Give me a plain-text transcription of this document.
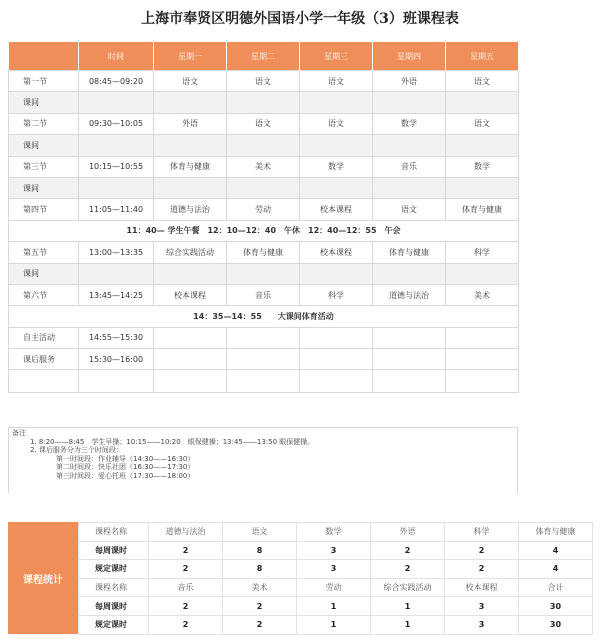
上海市奉贤区明德外国语小学一年级（3）班课程表
	时间	星期一	星期二	星期三	星期四	星期五
第一节	08:45—09:20	语文	语文	语文	外语	语文
课间						
第二节	09:30—10:05	外语	语文	语文	数学	语文
课间						
第三节	10:15—10:55	体育与健康	美术	数学	音乐	数学
课间						
第四节	11:05—11:40	道德与法治	劳动	校本课程	语文	体育与健康
11：40— 学生午餐　12：10—12：40　午休　12：40—12：55　午会						
第五节	13:00—13:35	综合实践活动	体育与健康	校本课程	体育与健康	科学
课间						
第六节	13:45—14:25	校本课程	音乐	科学	道德与法治	美术
14：35—14：55　　大课间体育活动						
自主活动	14:55—15:30					
课后服务	15:30—16:00					

备注
1. 8:20——8:45　学生早操；10:15——10:20　眼保健操；13:45——13:50 眼保健操。
2. 课后服务分为三个时间段：
第一时间段：作业辅导（14:30——16:30）
第二时间段：快乐社团（16:30——17:30）
第三时间段：爱心托班（17:30——18:00）
课程统计
课程名称	道德与法治	语文	数学	外语	科学	体育与健康
每周课时	2	8	3	2	2	4
规定课时	2	8	3	2	2	4
课程名称	音乐	美术	劳动	综合实践活动	校本课程	合计
每周课时	2	2	1	1	3	30
规定课时	2	2	1	1	3	30
